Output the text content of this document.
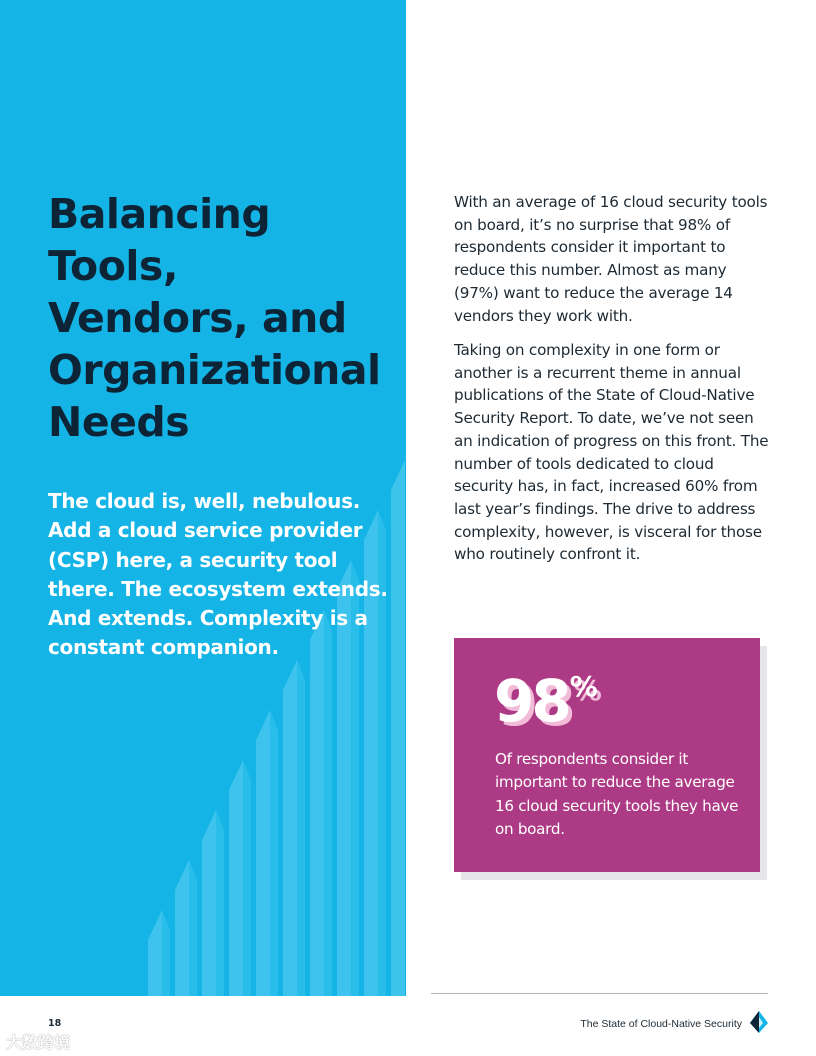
Balancing
Tools,
Vendors, and
Organizational
Needs

The cloud is, well, nebulous. Add a cloud service provider (CSP) here, a security tool there. The ecosystem extends. And extends. Complexity is a constant companion.

With an average of 16 cloud security tools on board, it’s no surprise that 98% of respondents consider it important to reduce this number. Almost as many (97%) want to reduce the average 14 vendors they work with.

Taking on complexity in one form or another is a recurrent theme in annual publications of the State of Cloud-Native Security Report. To date, we’ve not seen an indication of progress on this front. The number of tools dedicated to cloud security has, in fact, increased 60% from last year’s findings. The drive to address complexity, however, is visceral for those who routinely confront it.

98 %

Of respondents consider it important to reduce the average 16 cloud security tools they have on board.

18
大数跨境
The State of Cloud-Native Security
